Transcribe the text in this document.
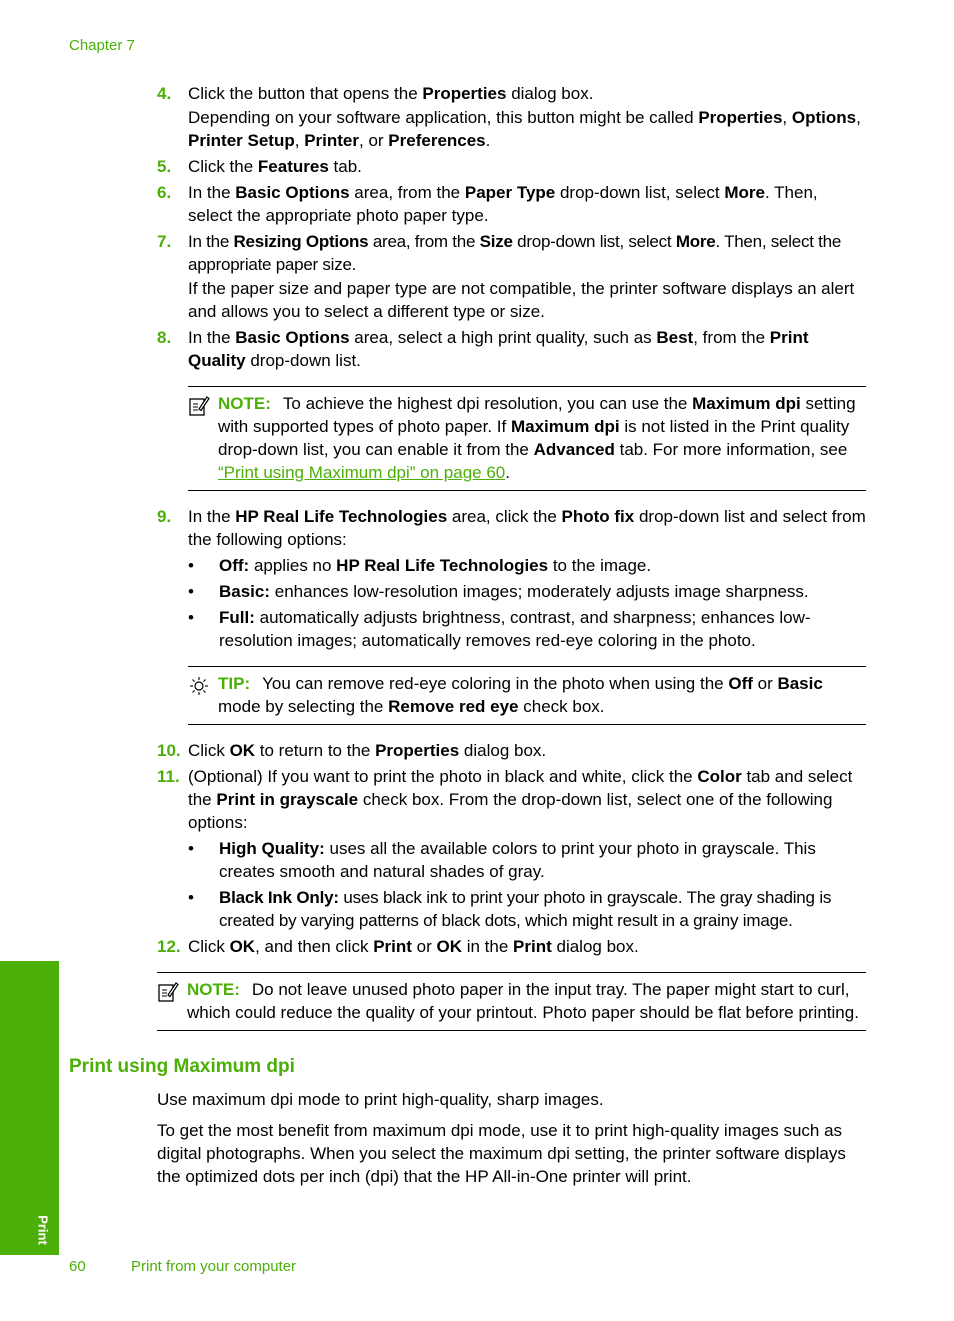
Chapter 7
4. Click the button that opens the Properties dialog box.
Depending on your software application, this button might be called Properties, Options, Printer Setup, Printer, or Preferences.
5. Click the Features tab.
6. In the Basic Options area, from the Paper Type drop-down list, select More. Then, select the appropriate photo paper type.
7. In the Resizing Options area, from the Size drop-down list, select More. Then, select the appropriate paper size.
If the paper size and paper type are not compatible, the printer software displays an alert and allows you to select a different type or size.
8. In the Basic Options area, select a high print quality, such as Best, from the Print Quality drop-down list.
NOTE: To achieve the highest dpi resolution, you can use the Maximum dpi setting with supported types of photo paper. If Maximum dpi is not listed in the Print quality drop-down list, you can enable it from the Advanced tab. For more information, see “Print using Maximum dpi” on page 60.
9. In the HP Real Life Technologies area, click the Photo fix drop-down list and select from the following options:
• Off: applies no HP Real Life Technologies to the image.
• Basic: enhances low-resolution images; moderately adjusts image sharpness.
• Full: automatically adjusts brightness, contrast, and sharpness; enhances low-resolution images; automatically removes red-eye coloring in the photo.
TIP: You can remove red-eye coloring in the photo when using the Off or Basic mode by selecting the Remove red eye check box.
10. Click OK to return to the Properties dialog box.
11. (Optional) If you want to print the photo in black and white, click the Color tab and select the Print in grayscale check box. From the drop-down list, select one of the following options:
• High Quality: uses all the available colors to print your photo in grayscale. This creates smooth and natural shades of gray.
• Black Ink Only: uses black ink to print your photo in grayscale. The gray shading is created by varying patterns of black dots, which might result in a grainy image.
12. Click OK, and then click Print or OK in the Print dialog box.
NOTE: Do not leave unused photo paper in the input tray. The paper might start to curl, which could reduce the quality of your printout. Photo paper should be flat before printing.
Print using Maximum dpi

Use maximum dpi mode to print high-quality, sharp images.

To get the most benefit from maximum dpi mode, use it to print high-quality images such as digital photographs. When you select the maximum dpi setting, the printer software displays the optimized dots per inch (dpi) that the HP All-in-One printer will print.

Print
60	Print from your computer
